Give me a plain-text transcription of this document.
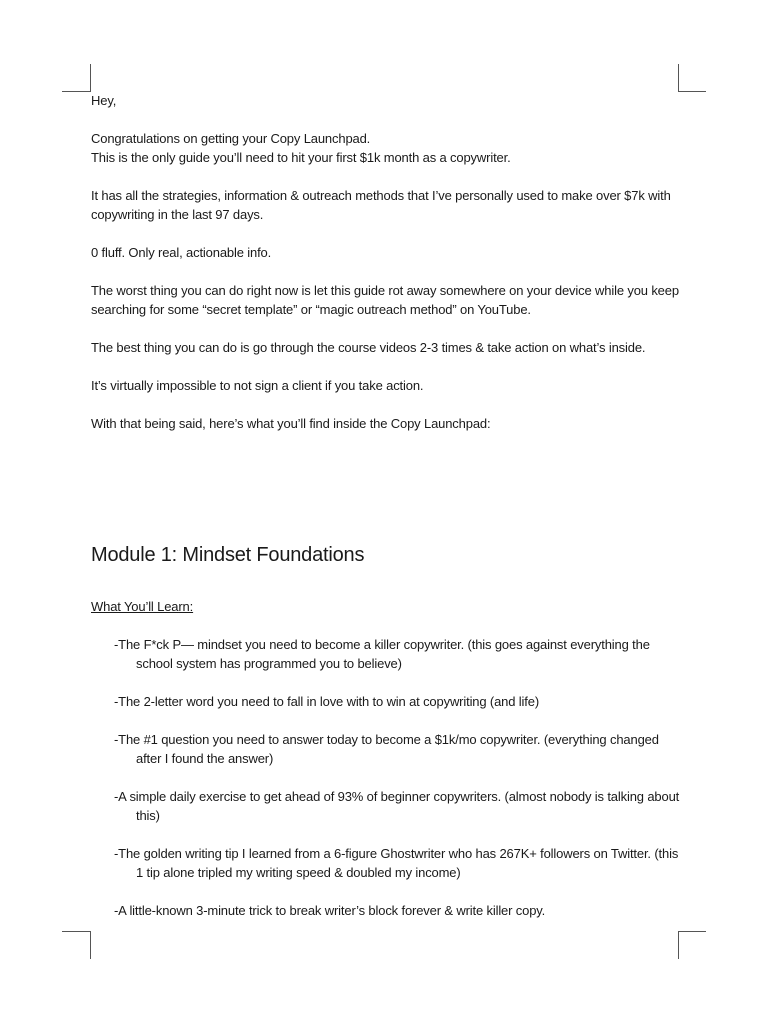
Hey,

Congratulations on getting your Copy Launchpad.

This is the only guide you’ll need to hit your first $1k month as a copywriter.

It has all the strategies, information & outreach methods that I’ve personally used to make over $7k with copywriting in the last 97 days.

0 fluff. Only real, actionable info.

The worst thing you can do right now is let this guide rot away somewhere on your device while you keep searching for some “secret template” or “magic outreach method” on YouTube.

The best thing you can do is go through the course videos 2-3 times & take action on what’s inside.

It’s virtually impossible to not sign a client if you take action.

With that being said, here’s what you’ll find inside the Copy Launchpad:

Module 1: Mindset Foundations
What You’ll Learn:
-The F*ck P— mindset you need to become a killer copywriter. (this goes against everything the school system has programmed you to believe)
-The 2-letter word you need to fall in love with to win at copywriting (and life)
-The #1 question you need to answer today to become a $1k/mo copywriter. (everything changed after I found the answer)
-A simple daily exercise to get ahead of 93% of beginner copywriters. (almost nobody is talking about this)
-The golden writing tip I learned from a 6-figure Ghostwriter who has 267K+ followers on Twitter. (this 1 tip alone tripled my writing speed & doubled my income)
-A little-known 3-minute trick to break writer’s block forever & write killer copy.
